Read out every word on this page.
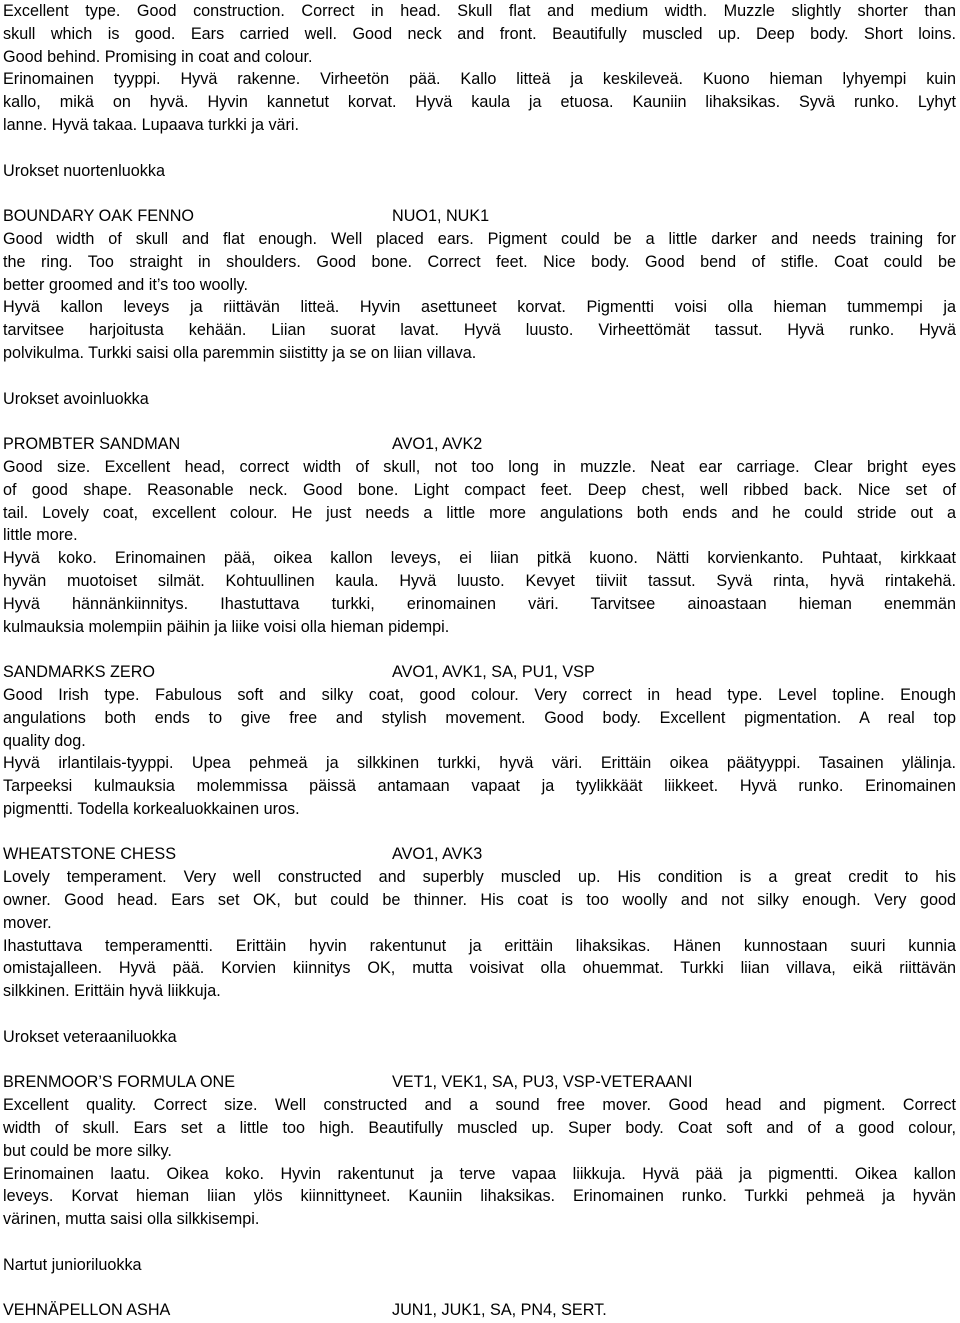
Excellent type. Good construction. Correct in head. Skull flat and medium width. Muzzle slightly shorter than
skull which is good. Ears carried well. Good neck and front. Beautifully muscled up. Deep body. Short loins.
Good behind. Promising in coat and colour.
Erinomainen tyyppi. Hyvä rakenne. Virheetön pää. Kallo litteä ja keskileveä. Kuono hieman lyhyempi kuin
kallo, mikä on hyvä. Hyvin kannetut korvat. Hyvä kaula ja etuosa. Kauniin lihaksikas. Syvä runko. Lyhyt
lanne. Hyvä takaa. Lupaava turkki ja väri.
Urokset nuortenluokka
BOUNDARY OAK FENNO	NUO1, NUK1
Good width of skull and flat enough. Well placed ears. Pigment could be a little darker and needs training for
the ring. Too straight in shoulders. Good bone. Correct feet. Nice body. Good bend of stifle. Coat could be
better groomed and it’s too woolly.
Hyvä kallon leveys ja riittävän litteä. Hyvin asettuneet korvat. Pigmentti voisi olla hieman tummempi ja
tarvitsee harjoitusta kehään. Liian suorat lavat. Hyvä luusto. Virheettömät tassut. Hyvä runko. Hyvä
polvikulma. Turkki saisi olla paremmin siistitty ja se on liian villava.
Urokset avoinluokka
PROMBTER SANDMAN	AVO1, AVK2
Good size. Excellent head, correct width of skull, not too long in muzzle. Neat ear carriage. Clear bright eyes
of good shape. Reasonable neck. Good bone. Light compact feet. Deep chest, well ribbed back. Nice set of
tail. Lovely coat, excellent colour. He just needs a little more angulations both ends and he could stride out a
little more.
Hyvä koko. Erinomainen pää, oikea kallon leveys, ei liian pitkä kuono. Nätti korvienkanto. Puhtaat, kirkkaat
hyvän muotoiset silmät. Kohtuullinen kaula. Hyvä luusto. Kevyet tiiviit tassut. Syvä rinta, hyvä rintakehä.
Hyvä hännänkiinnitys. Ihastuttava turkki, erinomainen väri. Tarvitsee ainoastaan hieman enemmän
kulmauksia molempiin päihin ja liike voisi olla hieman pidempi.
SANDMARKS ZERO	AVO1, AVK1, SA, PU1, VSP
Good Irish type. Fabulous soft and silky coat, good colour. Very correct in head type. Level topline. Enough
angulations both ends to give free and stylish movement. Good body. Excellent pigmentation. A real top
quality dog.
Hyvä irlantilais-tyyppi. Upea pehmeä ja silkkinen turkki, hyvä väri. Erittäin oikea päätyyppi. Tasainen ylälinja.
Tarpeeksi kulmauksia molemmissa päissä antamaan vapaat ja tyylikkäät liikkeet. Hyvä runko. Erinomainen
pigmentti. Todella korkealuokkainen uros.
WHEATSTONE CHESS	AVO1, AVK3
Lovely temperament. Very well constructed and superbly muscled up. His condition is a great credit to his
owner. Good head. Ears set OK, but could be thinner. His coat is too woolly and not silky enough. Very good
mover.
Ihastuttava temperamentti. Erittäin hyvin rakentunut ja erittäin lihaksikas. Hänen kunnostaan suuri kunnia
omistajalleen. Hyvä pää. Korvien kiinnitys OK, mutta voisivat olla ohuemmat. Turkki liian villava, eikä riittävän
silkkinen. Erittäin hyvä liikkuja.
Urokset veteraaniluokka
BRENMOOR’S FORMULA ONE	VET1, VEK1, SA, PU3, VSP-VETERAANI
Excellent quality. Correct size. Well constructed and a sound free mover. Good head and pigment. Correct
width of skull. Ears set a little too high. Beautifully muscled up. Super body. Coat soft and of a good colour,
but could be more silky.
Erinomainen laatu. Oikea koko. Hyvin rakentunut ja terve vapaa liikkuja. Hyvä pää ja pigmentti. Oikea kallon
leveys. Korvat hieman liian ylös kiinnittyneet. Kauniin lihaksikas. Erinomainen runko. Turkki pehmeä ja hyvän
värinen, mutta saisi olla silkkisempi.
Nartut junioriluokka
VEHNÄPELLON ASHA	JUN1, JUK1, SA, PN4, SERT.
